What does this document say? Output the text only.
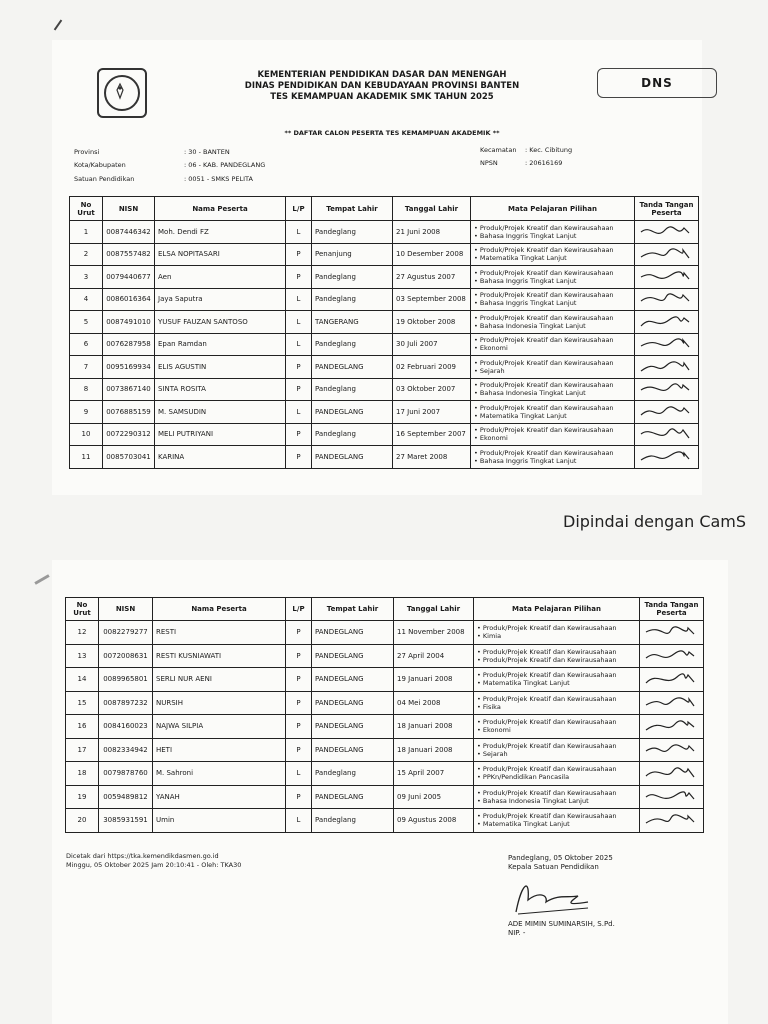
KEMENTERIAN PENDIDIKAN DASAR DAN MENENGAH
DINAS PENDIDIKAN DAN KEBUDAYAAN PROVINSI BANTEN
TES KEMAMPUAN AKADEMIK SMK TAHUN 2025
DNS
** DAFTAR CALON PESERTA TES KEMAMPUAN AKADEMIK **
Provinsi	: 30 - BANTEN
Kota/Kabupaten	: 06 - KAB. PANDEGLANG
Satuan Pendidikan	: 0051 - SMKS PELITA
Kecamatan : Kec. Cibitung
NPSN	: 20616169
No Urut	NISN	Nama Peserta	L/P	Tempat Lahir	Tanggal Lahir	Mata Pelajaran Pilihan	Tanda Tangan Peserta
1	0087446342	Moh. Dendi FZ	L	Pandeglang	21 Juni 2008	• Produk/Projek Kreatif dan Kewirausahaan
• Bahasa Inggris Tingkat Lanjut

2	0087557482	ELSA NOPITASARI	P	Penanjung	10 Desember 2008	• Produk/Projek Kreatif dan Kewirausahaan
• Matematika Tingkat Lanjut

3	0079440677	Aen	P	Pandeglang	27 Agustus 2007	• Produk/Projek Kreatif dan Kewirausahaan
• Bahasa Inggris Tingkat Lanjut

4	0086016364	Jaya Saputra	L	Pandeglang	03 September 2008	• Produk/Projek Kreatif dan Kewirausahaan
• Bahasa Inggris Tingkat Lanjut

5	0087491010	YUSUF FAUZAN SANTOSO	L	TANGERANG	19 Oktober 2008	• Produk/Projek Kreatif dan Kewirausahaan
• Bahasa Indonesia Tingkat Lanjut

6	0076287958	Epan Ramdan	L	Pandeglang	30 Juli 2007	• Produk/Projek Kreatif dan Kewirausahaan
• Ekonomi

7	0095169934	ELIS AGUSTIN	P	PANDEGLANG	02 Februari 2009	• Produk/Projek Kreatif dan Kewirausahaan
• Sejarah

8	0073867140	SINTA ROSITA	P	Pandeglang	03 Oktober 2007	• Produk/Projek Kreatif dan Kewirausahaan
• Bahasa Indonesia Tingkat Lanjut

9	0076885159	M. SAMSUDIN	L	PANDEGLANG	17 Juni 2007	• Produk/Projek Kreatif dan Kewirausahaan
• Matematika Tingkat Lanjut

10	0072290312	MELI PUTRIYANI	P	Pandeglang	16 September 2007	• Produk/Projek Kreatif dan Kewirausahaan
• Ekonomi

11	0085703041	KARINA	P	PANDEGLANG	27 Maret 2008	• Produk/Projek Kreatif dan Kewirausahaan
• Bahasa Inggris Tingkat Lanjut

Dipindai dengan CamS
No Urut	NISN	Nama Peserta	L/P	Tempat Lahir	Tanggal Lahir	Mata Pelajaran Pilihan	Tanda Tangan Peserta
12	0082279277	RESTI	P	PANDEGLANG	11 November 2008	• Produk/Projek Kreatif dan Kewirausahaan
• Kimia

13	0072008631	RESTI KUSNIAWATI	P	PANDEGLANG	27 April 2004	• Produk/Projek Kreatif dan Kewirausahaan
• Produk/Projek Kreatif dan Kewirausahaan

14	0089965801	SERLI NUR AENI	P	PANDEGLANG	19 Januari 2008	• Produk/Projek Kreatif dan Kewirausahaan
• Matematika Tingkat Lanjut

15	0087897232	NURSIH	P	PANDEGLANG	04 Mei 2008	• Produk/Projek Kreatif dan Kewirausahaan
• Fisika

16	0084160023	NAJWA SILPIA	P	PANDEGLANG	18 Januari 2008	• Produk/Projek Kreatif dan Kewirausahaan
• Ekonomi

17	0082334942	HETI	P	PANDEGLANG	18 Januari 2008	• Produk/Projek Kreatif dan Kewirausahaan
• Sejarah

18	0079878760	M. Sahroni	L	Pandeglang	15 April 2007	• Produk/Projek Kreatif dan Kewirausahaan
• PPKn/Pendidikan Pancasila

19	0059489812	YANAH	P	PANDEGLANG	09 Juni 2005	• Produk/Projek Kreatif dan Kewirausahaan
• Bahasa Indonesia Tingkat Lanjut

20	3085931591	Umin	L	Pandeglang	09 Agustus 2008	• Produk/Projek Kreatif dan Kewirausahaan
• Matematika Tingkat Lanjut

Dicetak dari https://tka.kemendikdasmen.go.id
Minggu, 05 Oktober 2025 Jam 20:10:41 - Oleh: TKA30
Pandeglang, 05 Oktober 2025
Kepala Satuan Pendidikan
ADE MIMIN SUMINARSIH, S.Pd.
NIP. -
